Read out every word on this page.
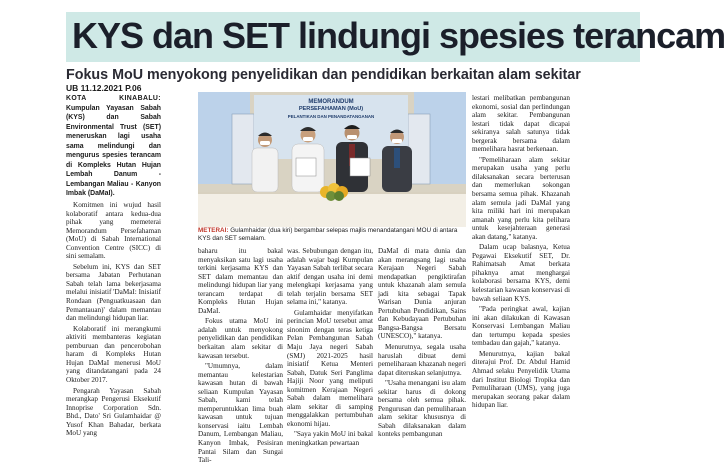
KYS dan SET lindungi spesies terancam
Fokus MoU menyokong penyelidikan dan pendidikan berkaitan alam sekitar

UB 11.12.2021 P.06

KOTA KINABALU: Kumpulan Yayasan Sabah (KYS) dan Sabah Environmental Trust (SET) meneruskan lagi usaha sama melindungi dan mengurus spesies terancam di Kompleks Hutan Hujan Lembah Danum - Lembangan Maliau - Kanyon Imbak (DaMaI).

Komitmen ini wujud hasil kolaboratif antara kedua-dua pihak yang memeterai Memorandum Persefahaman (MoU) di Sabah International Convention Centre (SICC) di sini semalam.

Sebelum ini, KYS dan SET bersama Jabatan Perhutanan Sabah telah lama bekerjasama melalui inisiatif 'DaMaI: Inisiatif Rondaan (Penguatkuasaan dan Pemantauan)' dalam memantau dan melindungi hidupan liar.

Kolaboratif ini merangkumi aktiviti membanteras kegiatan pemburuan dan pencerobohan haram di Kompleks Hutan Hujan DaMaI menerusi MoU yang ditandatangani pada 24 Oktober 2017.

Pengarah Yayasan Sabah merangkap Pengerusi Eksekutif Innoprise Corporation Sdn. Bhd., Dato' Sri Gulamhaidar @ Yusof Khan Bahadar, berkata MoU yang

MEMORANDUM
PERSEFAHAMAN (MoU)
PELANTIKAN DAN PENANDATANGANAN

METERAI: Gulamhaidar (dua kiri) bergambar selepas majlis menandatangani MOU di antara KYS dan SET semalam.

baharu itu bakal menyaksikan satu lagi usaha terkini kerjasama KYS dan SET dalam memantau dan melindungi hidupan liar yang terancam terdapat di Kompleks Hutan Hujan DaMaI.

Fokus utama MoU ini adalah untuk menyokong penyelidikan dan pendidikan berkaitan alam sekitar di kawasan tersebut.

"Umumnya, dalam memantau kelestarian kawasan hutan di bawah seliaan Kumpulan Yayasan Sabah, kami telah memperuntukkan lima buah kawasan untuk tujuan konservasi iaitu Lembah Danum, Lembangan Maliau, Kanyon Imbak, Pesisiran Pantai Silam dan Sungai Tali-

was. Sebubungan dengan itu, adalah wajar bagi Kumpulan Yayasan Sabah terlibat secara aktif dengan usaha ini demi melengkapi kerjasama yang telah terjalin bersama SET selama ini," katanya.

Gulamhaidar menyifatkan perincian MoU tersebut amat sinonim dengan teras ketiga Pelan Pembangunan Sabah Maju Jaya negeri Sabah (SMJ) 2021-2025 hasil inisiatif Ketua Menteri Sabah, Datuk Seri Panglima Hajiji Noor yang meliputi komitmen Kerajaan Negeri Sabah dalam memelihara alam sekitar di samping menggalakkan pertumbuhan ekonomi hijau.

"Saya yakin MoU ini bakal meningkatkan pewartaan

DaMaI di mata dunia dan akan merangsang lagi usaha Kerajaan Negeri Sabah mendapatkan pengiktirafan untuk khazanah alam semula jadi kita sebagai Tapak Warisan Dunia anjuran Pertubuhan Pendidikan, Sains dan Kebudayaan Pertubuhan Bangsa-Bangsa Bersatu (UNESCO)," katanya.

Menurutnya, segala usaha haruslah dibuat demi pemeliharaan khazanah negeri dapat diteruskan selanjutnya.

"Usaha menangani isu alam sekitar harus di dokong bersama oleh semua pihak. Pengurusan dan pemuliharaan alam sekitar khususnya di Sabah dilaksanakan dalam konteks pembangunan

lestari melibatkan pembangunan ekonomi, sosial dan perlindungan alam sekitar. Pembangunan lestari tidak dapat dicapai sekiranya salah satunya tidak bergerak bersama dalam memelihara hasrat berkenaan.

"Pemeliharaan alam sekitar merupakan usaha yang perlu dilaksanakan secara berterusan dan memerlukan sokongan bersama semua pihak. Khazanah alam semula jadi DaMaI yang kita miliki hari ini merupakan amanah yang perlu kita pelihara untuk kesejahteraan generasi akan datang," katanya.

Dalam ucap balasnya, Ketua Pegawai Eksekutif SET, Dr. Rahimatsah Amat berkata pihaknya amat menghargai kolaborasi bersama KYS, demi kelestarian kawasan konservasi di bawah seliaan KYS.

"Pada peringkat awal, kajian ini akan dilakukan di Kawasan Konservasi Lembangan Maliau dan tertumpu kepada spesies tembadau dan gajah," katanya.

Menurutnya, kajian bakal diterajui Prof. Dr. Abdul Hamid Ahmad selaku Penyelidik Utama dari Institut Biologi Tropika dan Pemuliharaan (UMS), yang juga merupakan seorang pakar dalam hidupan liar.
